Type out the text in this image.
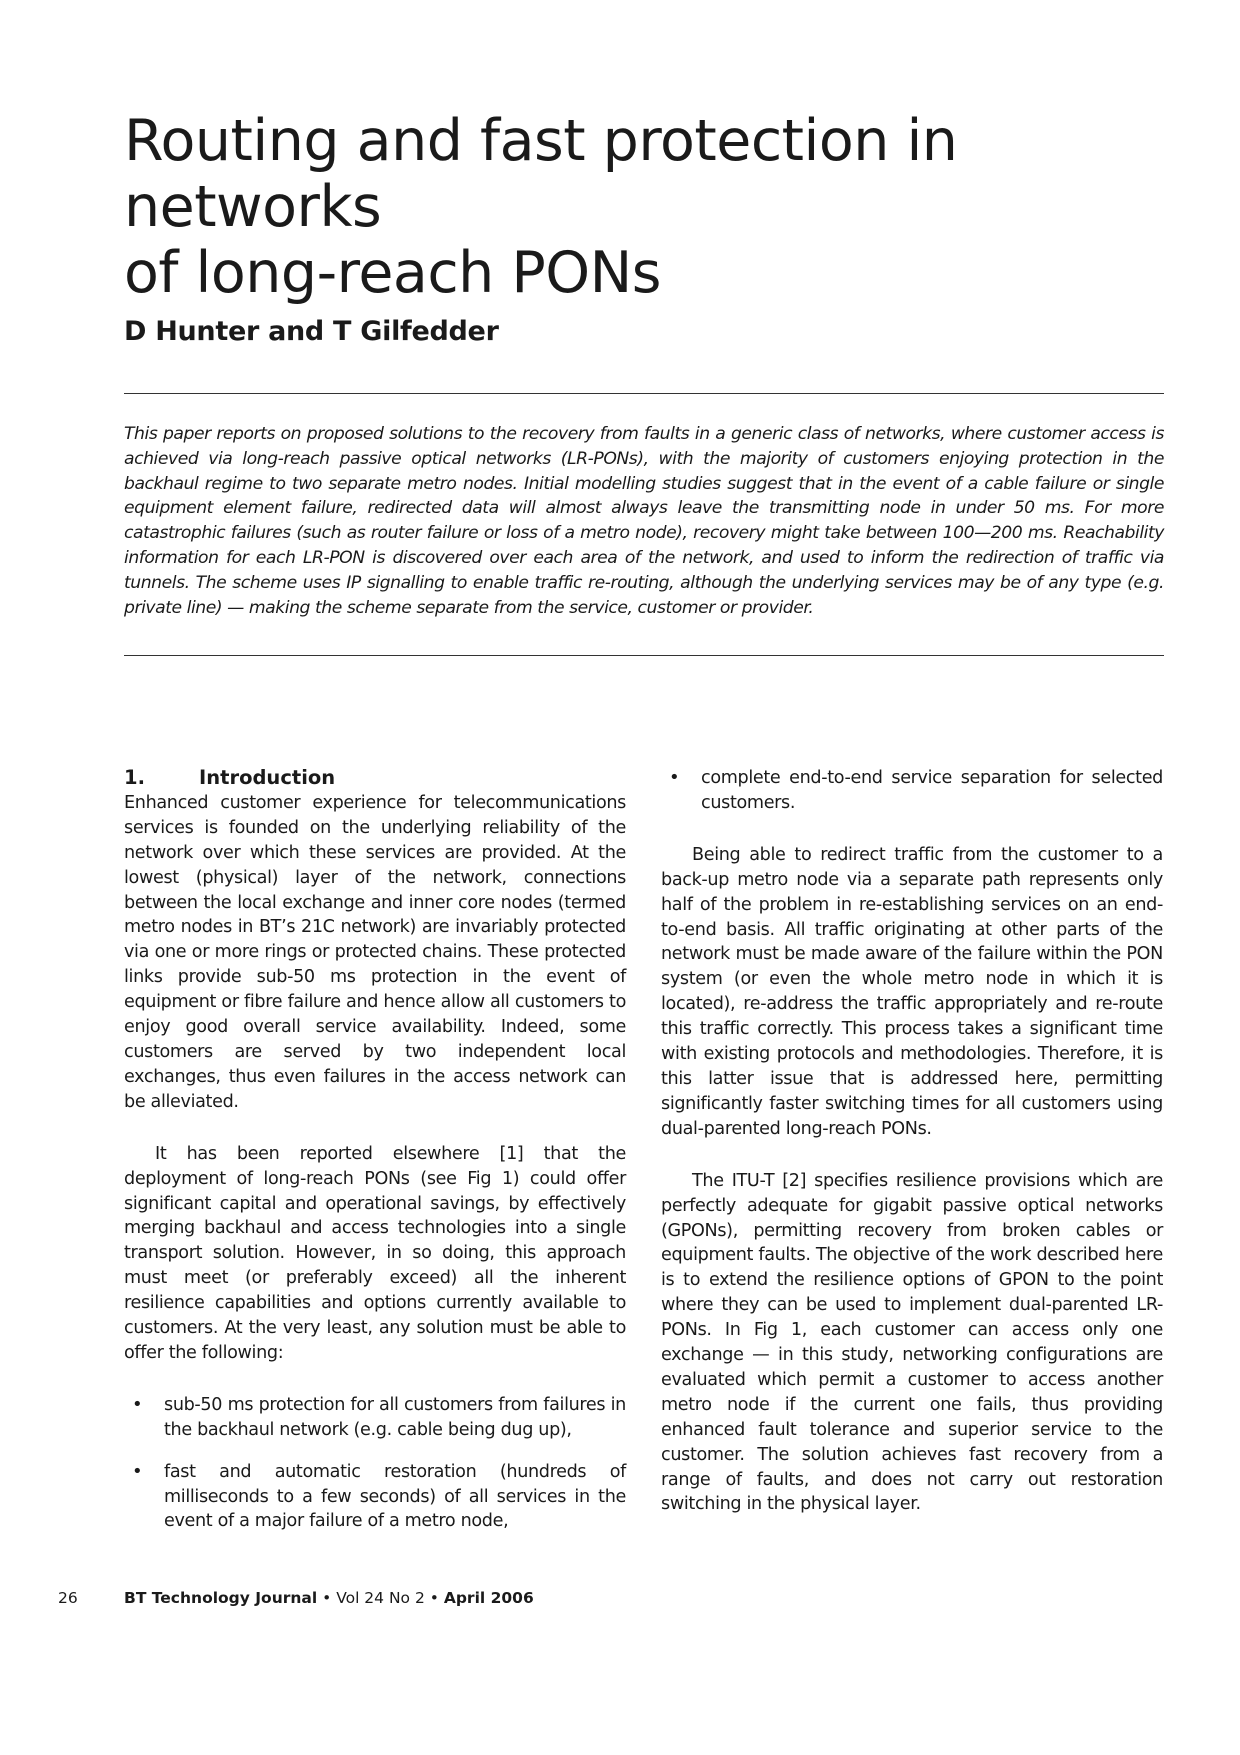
Routing and fast protection in networks
of long-reach PONs
D Hunter and T Gilfedder

This paper reports on proposed solutions to the recovery from faults in a generic class of networks, where customer access is achieved via long-reach passive optical networks (LR-PONs), with the majority of customers enjoying protection in the backhaul regime to two separate metro nodes. Initial modelling studies suggest that in the event of a cable failure or single equipment element failure, redirected data will almost always leave the transmitting node in under 50 ms. For more catastrophic failures (such as router failure or loss of a metro node), recovery might take between 100—200 ms. Reachability information for each LR-PON is discovered over each area of the network, and used to inform the redirection of traffic via tunnels. The scheme uses IP signalling to enable traffic re-routing, although the underlying services may be of any type (e.g. private line) — making the scheme separate from the service, customer or provider.

1.	Introduction

Enhanced customer experience for telecommunications services is founded on the underlying reliability of the network over which these services are provided. At the lowest (physical) layer of the network, connections between the local exchange and inner core nodes (termed metro nodes in BT’s 21C network) are invariably protected via one or more rings or protected chains. These protected links provide sub-50 ms protection in the event of equipment or fibre failure and hence allow all customers to enjoy good overall service availability. Indeed, some customers are served by two independent local exchanges, thus even failures in the access network can be alleviated.

It has been reported elsewhere [1] that the deployment of long-reach PONs (see Fig 1) could offer significant capital and operational savings, by effectively merging backhaul and access technologies into a single transport solution. However, in so doing, this approach must meet (or preferably exceed) all the inherent resilience capabilities and options currently available to customers. At the very least, any solution must be able to offer the following:

• sub-50 ms protection for all customers from failures in the backhaul network (e.g. cable being dug up),
• fast and automatic restoration (hundreds of milliseconds to a few seconds) of all services in the event of a major failure of a metro node,
• complete end-to-end service separation for selected customers.

Being able to redirect traffic from the customer to a back-up metro node via a separate path represents only half of the problem in re-establishing services on an end-to-end basis. All traffic originating at other parts of the network must be made aware of the failure within the PON system (or even the whole metro node in which it is located), re-address the traffic appropriately and re-route this traffic correctly. This process takes a significant time with existing protocols and methodologies. Therefore, it is this latter issue that is addressed here, permitting significantly faster switching times for all customers using dual-parented long-reach PONs.

The ITU-T [2] specifies resilience provisions which are perfectly adequate for gigabit passive optical networks (GPONs), permitting recovery from broken cables or equipment faults. The objective of the work described here is to extend the resilience options of GPON to the point where they can be used to implement dual-parented LR-PONs. In Fig 1, each customer can access only one exchange — in this study, networking configurations are evaluated which permit a customer to access another metro node if the current one fails, thus providing enhanced fault tolerance and superior service to the customer. The solution achieves fast recovery from a range of faults, and does not carry out restoration switching in the physical layer.

26	BT Technology Journal • Vol 24 No 2 • April 2006
